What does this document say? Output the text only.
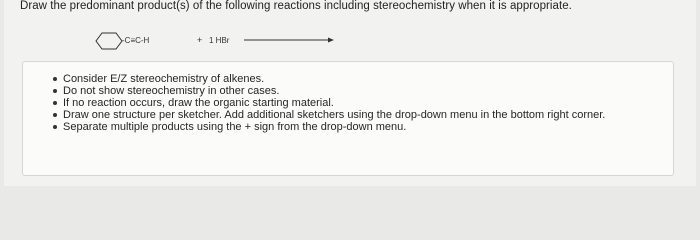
Draw the predominant product(s) of the following reactions including stereochemistry when it is appropriate.
-C≡C-H	+ 1 HBr
Consider E/Z stereochemistry of alkenes.
Do not show stereochemistry in other cases.
If no reaction occurs, draw the organic starting material.
Draw one structure per sketcher. Add additional sketchers using the drop-down menu in the bottom right corner.
Separate multiple products using the + sign from the drop-down menu.
